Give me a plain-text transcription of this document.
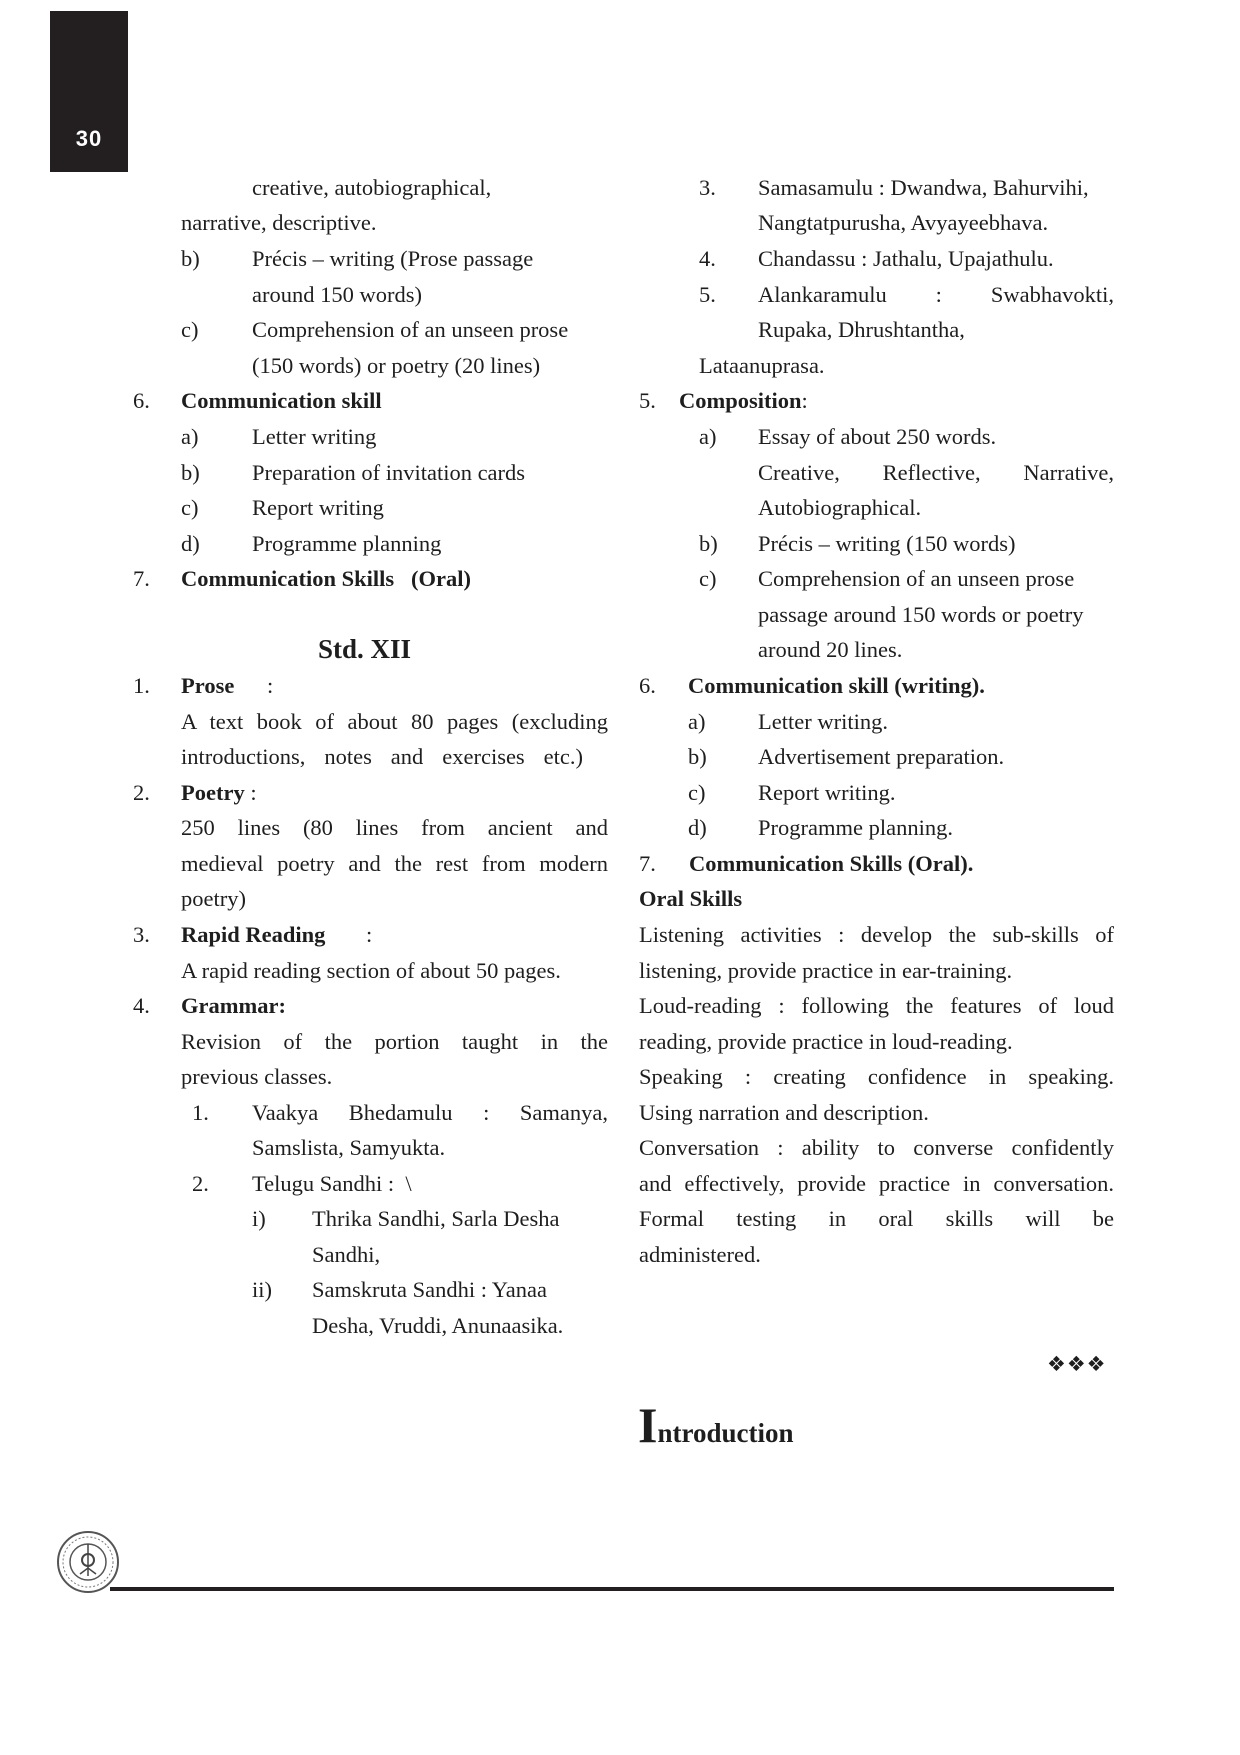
30

creative, autobiographical,

narrative, descriptive.

b) Précis – writing (Prose passage

around 150 words)

c) Comprehension of an unseen prose

(150 words) or poetry (20 lines)

6. Communication skill

a) Letter writing

b) Preparation of invitation cards

c) Report writing

d) Programme planning

7. Communication Skills   (Oral)

Std. XII

1. Prose :

A text book of about 80 pages (excluding

introductions, notes and exercises etc.)

2. Poetry :

250 lines (80 lines from ancient and

medieval poetry and the rest from modern

poetry)

3. Rapid Reading :

A rapid reading section of about 50 pages.

4. Grammar:

Revision of the portion taught in the

previous classes.

1. Vaakya Bhedamulu : Samanya,

Samslista, Samyukta.

2. Telugu Sandhi :  \

i) Thrika Sandhi, Sarla Desha

Sandhi,

ii) Samskruta Sandhi : Yanaa

Desha, Vruddi, Anunaasika.

3. Samasamulu : Dwandwa, Bahurvihi,

Nangtatpurusha, Avyayeebhava.

4. Chandassu : Jathalu, Upajathulu.

5. Alankaramulu : Swabhavokti,

Rupaka, Dhrushtantha,

Lataanuprasa.

5. Composition:

a) Essay of about 250 words.

Creative, Reflective, Narrative,

Autobiographical.

b) Précis – writing (150 words)

c) Comprehension of an unseen prose

passage around 150 words or poetry

around 20 lines.

6. Communication skill (writing).

a) Letter writing.

b) Advertisement preparation.

c) Report writing.

d) Programme planning.

7. Communication Skills (Oral).

Oral Skills

Listening activities : develop the sub-skills of

listening, provide practice in ear-training.

Loud-reading : following the features of loud

reading, provide practice in loud-reading.

Speaking : creating confidence in speaking.

Using narration and description.

Conversation : ability to converse confidently

and effectively, provide practice in conversation.

Formal testing in oral skills will be

administered.

❖❖❖
Introduction
